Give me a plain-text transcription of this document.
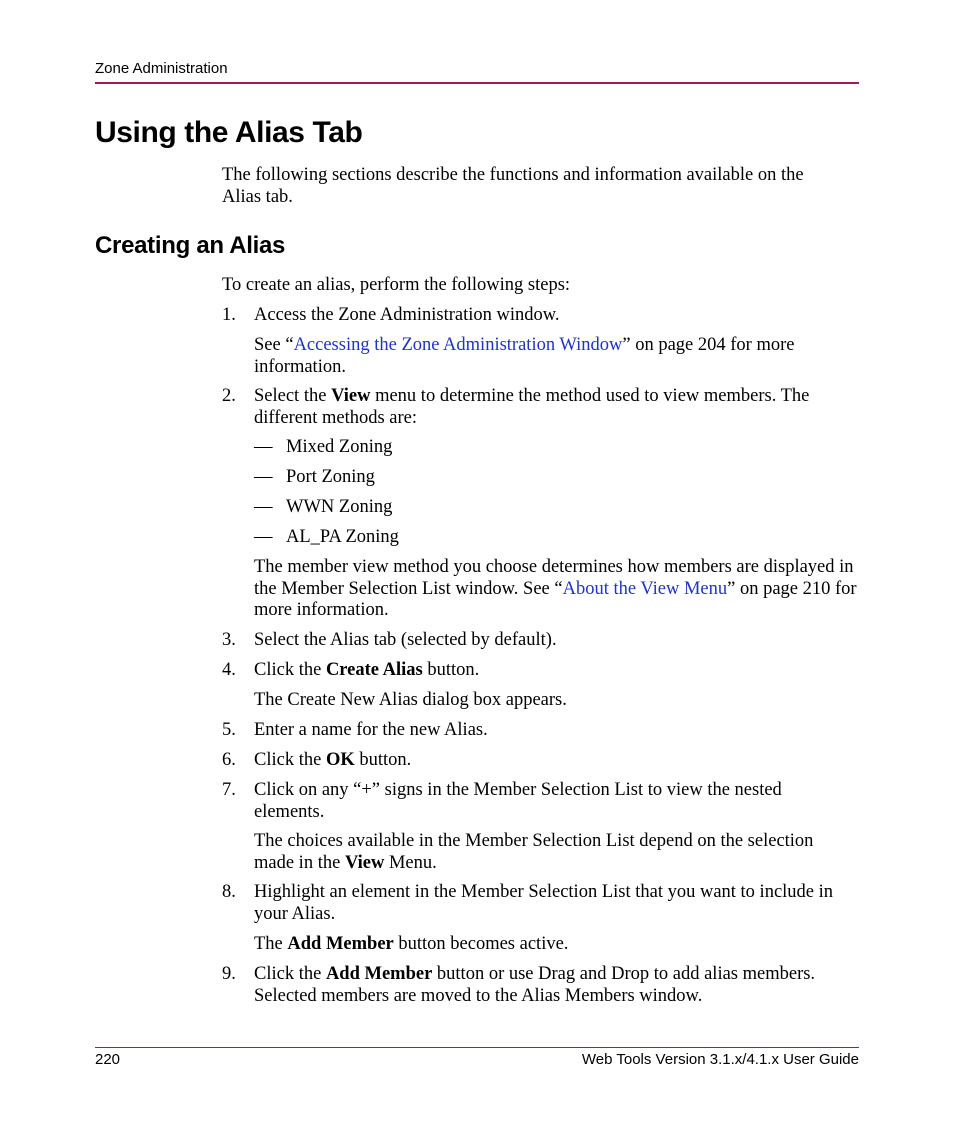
Zone Administration
Using the Alias Tab

The following sections describe the functions and information available on the Alias tab.

Creating an Alias

To create an alias, perform the following steps:

1. Access the Zone Administration window.

See “Accessing the Zone Administration Window” on page 204 for more information.

2. Select the View menu to determine the method used to view members. The different methods are:

— Mixed Zoning

— Port Zoning

— WWN Zoning

— AL_PA Zoning

The member view method you choose determines how members are displayed in the Member Selection List window. See “About the View Menu” on page 210 for more information.

3. Select the Alias tab (selected by default).

4. Click the Create Alias button.

The Create New Alias dialog box appears.

5. Enter a name for the new Alias.

6. Click the OK button.

7. Click on any “+” signs in the Member Selection List to view the nested elements.

The choices available in the Member Selection List depend on the selection made in the View Menu.

8. Highlight an element in the Member Selection List that you want to include in your Alias.

The Add Member button becomes active.

9. Click the Add Member button or use Drag and Drop to add alias members. Selected members are moved to the Alias Members window.

220	Web Tools Version 3.1.x/4.1.x User Guide
